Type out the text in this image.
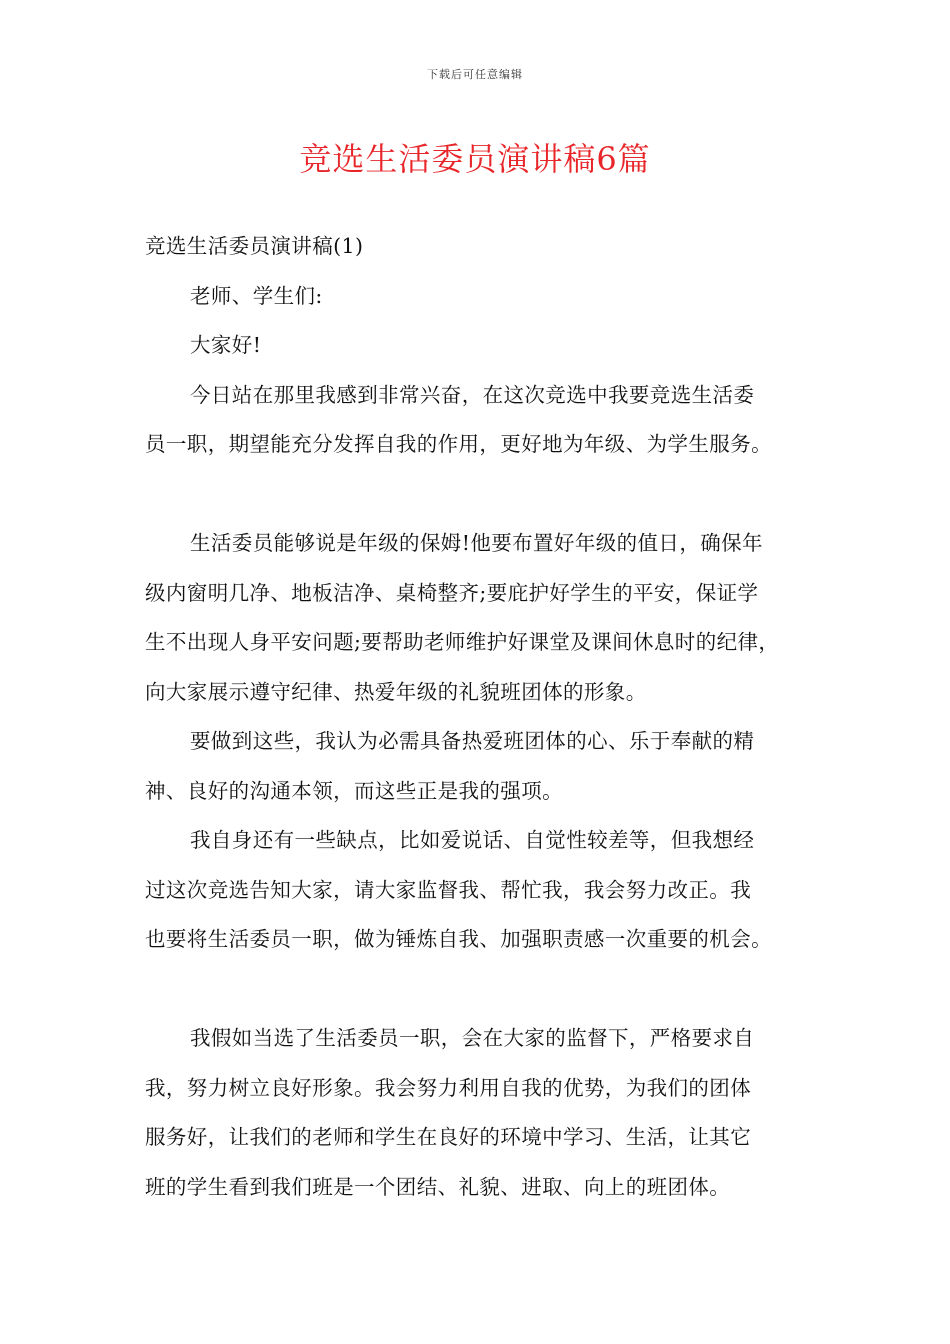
下载后可任意编辑
竞选生活委员演讲稿6篇

竞选生活委员演讲稿(1)

老师、学生们:

大家好!

今日站在那里我感到非常兴奋，在这次竞选中我要竞选生活委
员一职，期望能充分发挥自我的作用，更好地为年级、为学生服务。

生活委员能够说是年级的保姆!他要布置好年级的值日，确保年
级内窗明几净、地板洁净、桌椅整齐;要庇护好学生的平安，保证学
生不出现人身平安问题;要帮助老师维护好课堂及课间休息时的纪律，
向大家展示遵守纪律、热爱年级的礼貌班团体的形象。

要做到这些，我认为必需具备热爱班团体的心、乐于奉献的精
神、良好的沟通本领，而这些正是我的强项。

我自身还有一些缺点，比如爱说话、自觉性较差等，但我想经
过这次竞选告知大家，请大家监督我、帮忙我，我会努力改正。我
也要将生活委员一职，做为锤炼自我、加强职责感一次重要的机会。

我假如当选了生活委员一职，会在大家的监督下，严格要求自
我，努力树立良好形象。我会努力利用自我的优势，为我们的团体
服务好，让我们的老师和学生在良好的环境中学习、生活，让其它
班的学生看到我们班是一个团结、礼貌、进取、向上的班团体。
